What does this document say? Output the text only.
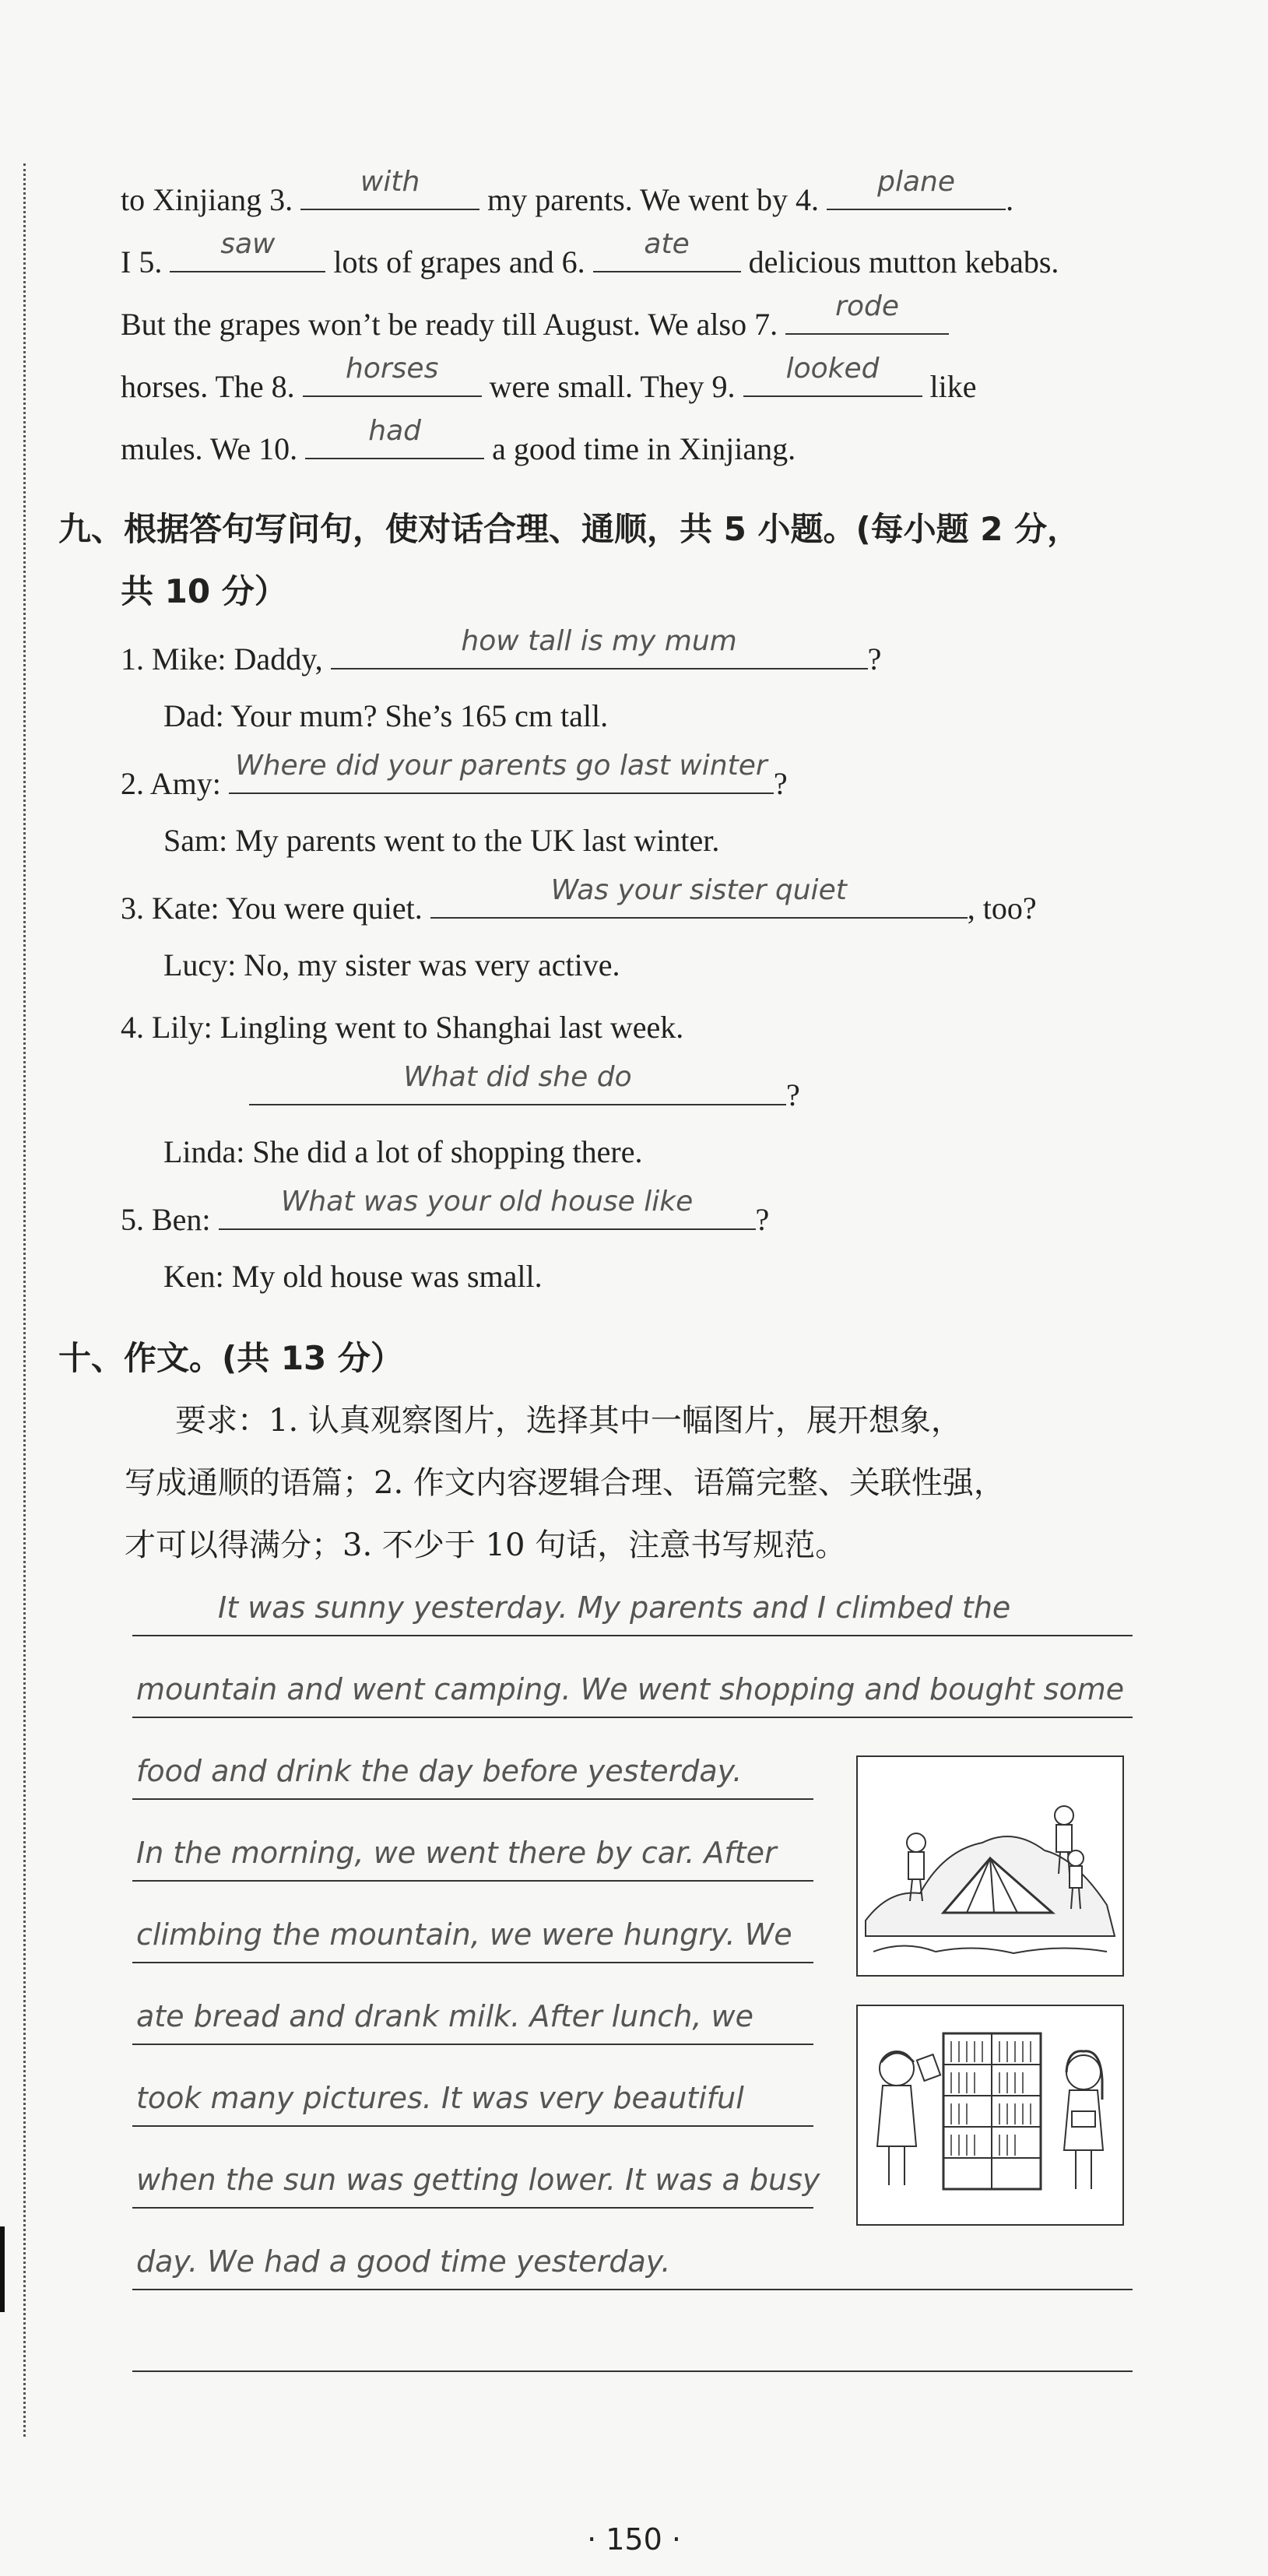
to Xinjiang 3.
with
my parents. We went by 4.
plane
.
I 5.
saw
lots of grapes and 6.
ate
delicious mutton kebabs.
But the grapes won’t be ready till August. We also 7.
rode
horses. The 8.
horses
were small. They 9.
looked
like
mules. We 10.
had
a good time in Xinjiang.
九、根据答句写问句，使对话合理、通顺，共 5 小题。(每小题 2 分，
共 10 分）
1. Mike: Daddy,
how tall is my mum
?
Dad: Your mum? She’s 165 cm tall.
2. Amy:
Where did your parents go last winter
?
Sam: My parents went to the UK last winter.
3. Kate: You were quiet.
Was your sister quiet
, too?
Lucy: No, my sister was very active.
4. Lily: Lingling went to Shanghai last week.
What did she do
?
Linda: She did a lot of shopping there.
5. Ben:
What was your old house like
?
Ken: My old house was small.
十、作文。(共 13 分）
要求：1. 认真观察图片，选择其中一幅图片，展开想象，
写成通顺的语篇；2. 作文内容逻辑合理、语篇完整、关联性强，
才可以得满分；3. 不少于 10 句话，注意书写规范。
It was sunny yesterday. My parents and I climbed the
mountain and went camping. We went shopping and bought some
food and drink the day before yesterday.
In the morning, we went there by car. After
climbing the mountain, we were hungry. We
ate bread and drank milk. After lunch, we
took many pictures. It was very beautiful
when the sun was getting lower. It was a busy
day. We had a good time yesterday.
· 150 ·
